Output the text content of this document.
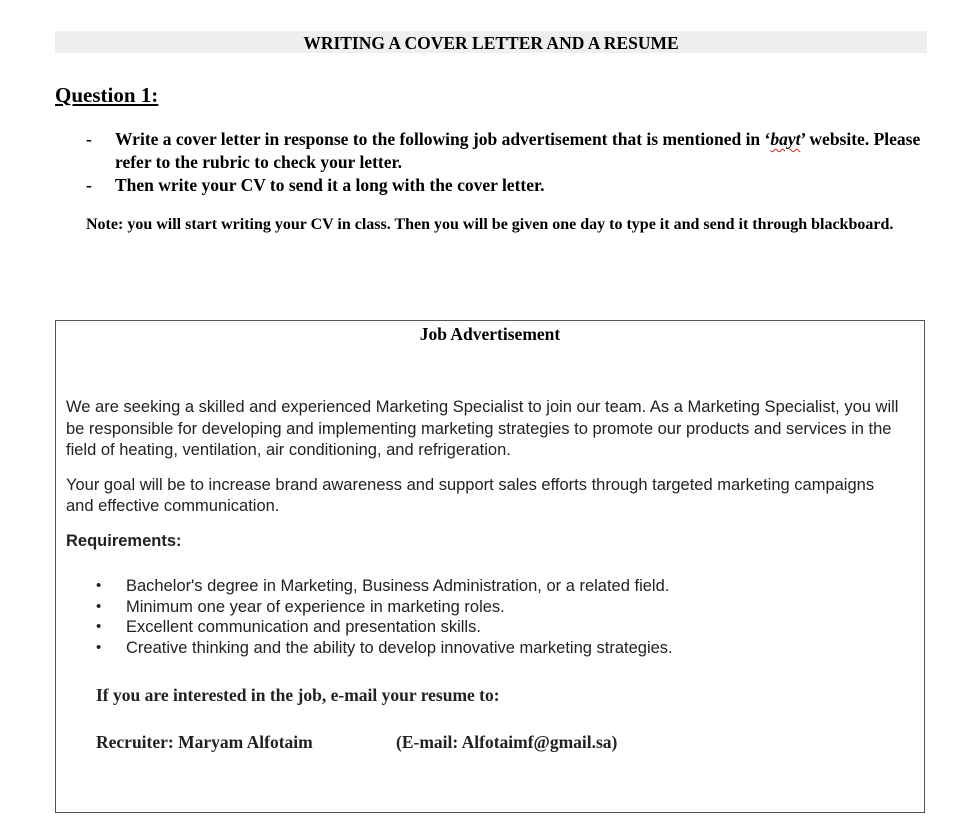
WRITING A COVER LETTER AND A RESUME
Question 1:
- Write a cover letter in response to the following job advertisement that is mentioned in ‘bayt’ website. Please refer to the rubric to check your letter.
- Then write your CV to send it a long with the cover letter.

Note: you will start writing your CV in class. Then you will be given one day to type it and send it through blackboard.

Job Advertisement

We are seeking a skilled and experienced Marketing Specialist to join our team. As a Marketing Specialist, you will be responsible for developing and implementing marketing strategies to promote our products and services in the field of heating, ventilation, air conditioning, and refrigeration.

Your goal will be to increase brand awareness and support sales efforts through targeted marketing campaigns and effective communication.

Requirements:

• Bachelor's degree in Marketing, Business Administration, or a related field.
• Minimum one year of experience in marketing roles.
• Excellent communication and presentation skills.
• Creative thinking and the ability to develop innovative marketing strategies.
If you are interested in the job, e-mail your resume to:
Recruiter: Maryam Alfotaim	(E-mail: Alfotaimf@gmail.sa)
